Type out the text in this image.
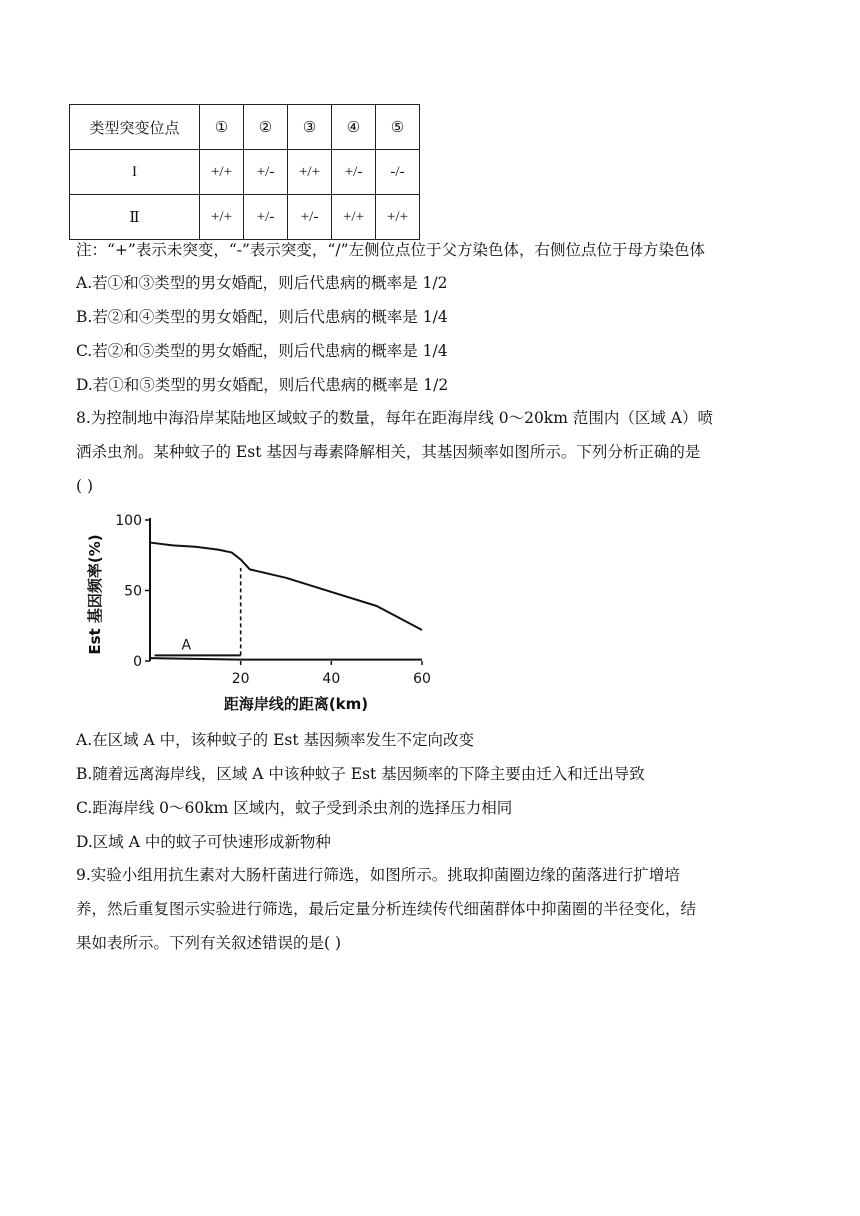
类型突变位点	①	②	③	④	⑤
I	+/+	+/-	+/+	+/-	-/-
Ⅱ	+/+	+/-	+/-	+/+	+/+
注：“+”表示未突变，“-”表示突变，“/”左侧位点位于父方染色体，右侧位点位于母方染色体
A.若①和③类型的男女婚配，则后代患病的概率是 1/2
B.若②和④类型的男女婚配，则后代患病的概率是 1/4
C.若②和⑤类型的男女婚配，则后代患病的概率是 1/4
D.若①和⑤类型的男女婚配，则后代患病的概率是 1/2
8.为控制地中海沿岸某陆地区域蚊子的数量，每年在距海岸线 0～20km 范围内（区域 A）喷
洒杀虫剂。某种蚊子的 Est 基因与毒素降解相关，其基因频率如图所示。下列分析正确的是
( )
0
50
100
20	40	60
A
距海岸线的距离(km)
Est 基因频率(%)
A.在区域 A 中，该种蚊子的 Est 基因频率发生不定向改变
B.随着远离海岸线，区域 A 中该种蚊子 Est 基因频率的下降主要由迁入和迁出导致
C.距海岸线 0～60km 区域内，蚊子受到杀虫剂的选择压力相同
D.区域 A 中的蚊子可快速形成新物种
9.实验小组用抗生素对大肠杆菌进行筛选，如图所示。挑取抑菌圈边缘的菌落进行扩增培
养，然后重复图示实验进行筛选，最后定量分析连续传代细菌群体中抑菌圈的半径变化，结
果如表所示。下列有关叙述错误的是( )
